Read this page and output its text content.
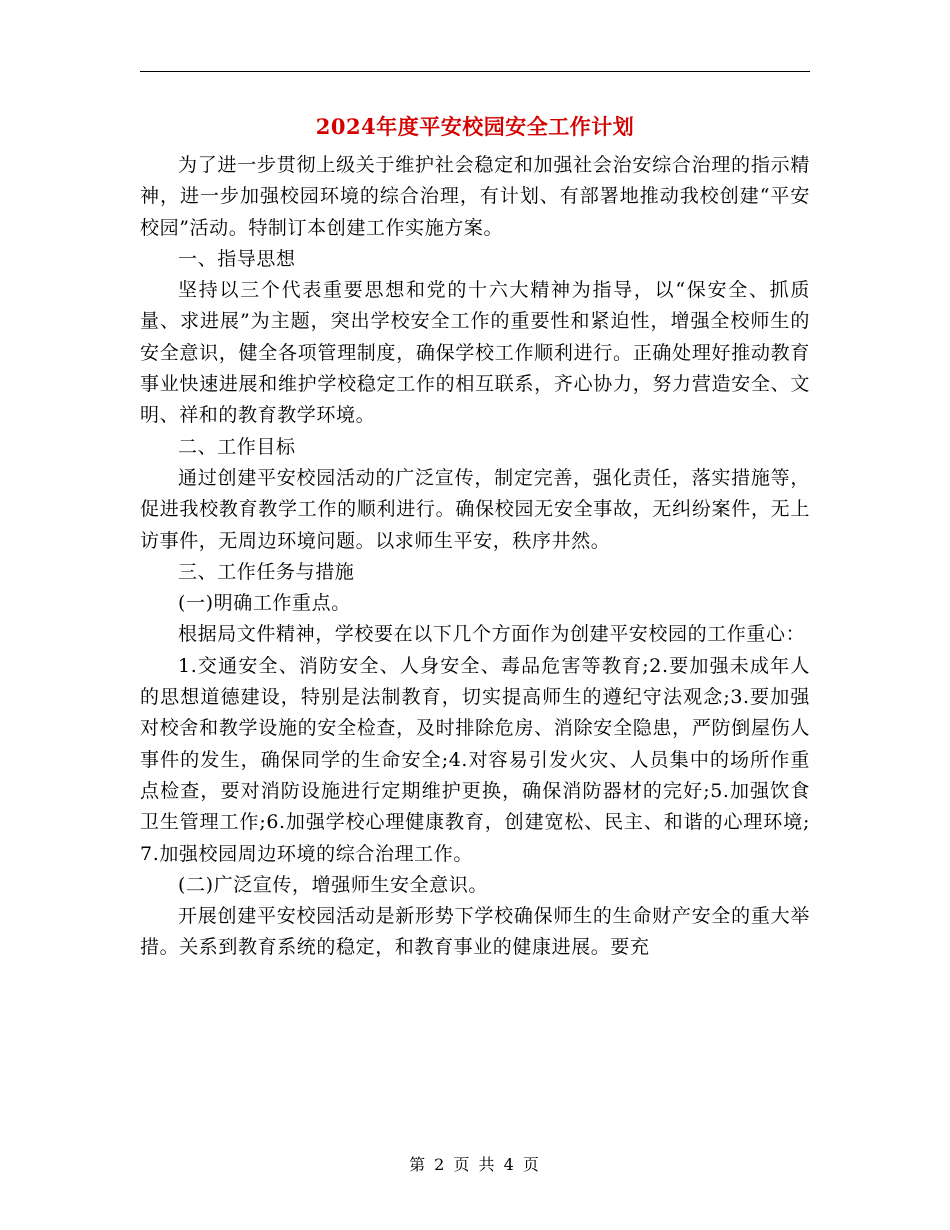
2024年度平安校园安全工作计划

为了进一步贯彻上级关于维护社会稳定和加强社会治安综合治理的指示精神，进一步加强校园环境的综合治理，有计划、有部署地推动我校创建“平安校园”活动。特制订本创建工作实施方案。

一、指导思想

坚持以三个代表重要思想和党的十六大精神为指导，以“保安全、抓质量、求进展”为主题，突出学校安全工作的重要性和紧迫性，增强全校师生的安全意识，健全各项管理制度，确保学校工作顺利进行。正确处理好推动教育事业快速进展和维护学校稳定工作的相互联系，齐心协力，努力营造安全、文明、祥和的教育教学环境。

二、工作目标

通过创建平安校园活动的广泛宣传，制定完善，强化责任，落实措施等，促进我校教育教学工作的顺利进行。确保校园无安全事故，无纠纷案件，无上访事件，无周边环境问题。以求师生平安，秩序井然。

三、工作任务与措施

(一)明确工作重点。

根据局文件精神，学校要在以下几个方面作为创建平安校园的工作重心：

1.交通安全、消防安全、人身安全、毒品危害等教育;2.要加强未成年人的思想道德建设，特别是法制教育，切实提高师生的遵纪守法观念;3.要加强对校舍和教学设施的安全检查，及时排除危房、消除安全隐患，严防倒屋伤人事件的发生，确保同学的生命安全;4.对容易引发火灾、人员集中的场所作重点检查，要对消防设施进行定期维护更换，确保消防器材的完好;5.加强饮食卫生管理工作;6.加强学校心理健康教育，创建宽松、民主、和谐的心理环境;7.加强校园周边环境的综合治理工作。

(二)广泛宣传，增强师生安全意识。

开展创建平安校园活动是新形势下学校确保师生的生命财产安全的重大举措。关系到教育系统的稳定，和教育事业的健康进展。要充

第 2 页 共 4 页
